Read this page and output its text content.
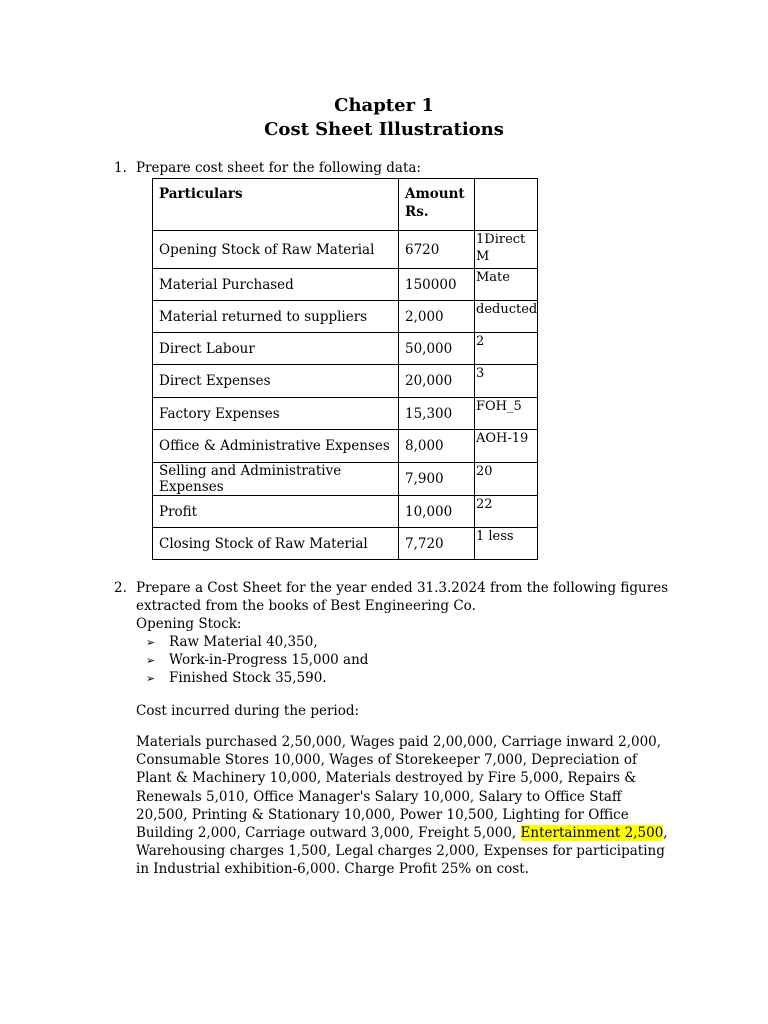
Chapter 1
Cost Sheet Illustrations
1. Prepare cost sheet for the following data:
Particulars	Amount Rs.	
Opening Stock of Raw Material	6720	1Direct M
Material Purchased	150000	Mate
Material returned to suppliers	2,000	deducted
Direct Labour	50,000	2
Direct Expenses	20,000	3
Factory Expenses	15,300	FOH_5
Office & Administrative Expenses	8,000	AOH-19
Selling and Administrative Expenses	7,900	20
Profit	10,000	22
Closing Stock of Raw Material	7,720	1 less
2. Prepare a Cost Sheet for the year ended 31.3.2024 from the following figures
extracted from the books of Best Engineering Co.
Opening Stock:
➢ Raw Material 40,350,
➢ Work-in-Progress 15,000 and
➢ Finished Stock 35,590.
Cost incurred during the period:
Materials purchased 2,50,000, Wages paid 2,00,000, Carriage inward 2,000, Consumable Stores 10,000, Wages of Storekeeper 7,000, Depreciation of Plant & Machinery 10,000, Materials destroyed by Fire 5,000, Repairs & Renewals 5,010, Office Manager's Salary 10,000, Salary to Office Staff 20,500, Printing & Stationary 10,000, Power 10,500, Lighting for Office Building 2,000, Carriage outward 3,000, Freight 5,000, Entertainment 2,500, Warehousing charges 1,500, Legal charges 2,000, Expenses for participating in Industrial exhibition-6,000. Charge Profit 25% on cost.
